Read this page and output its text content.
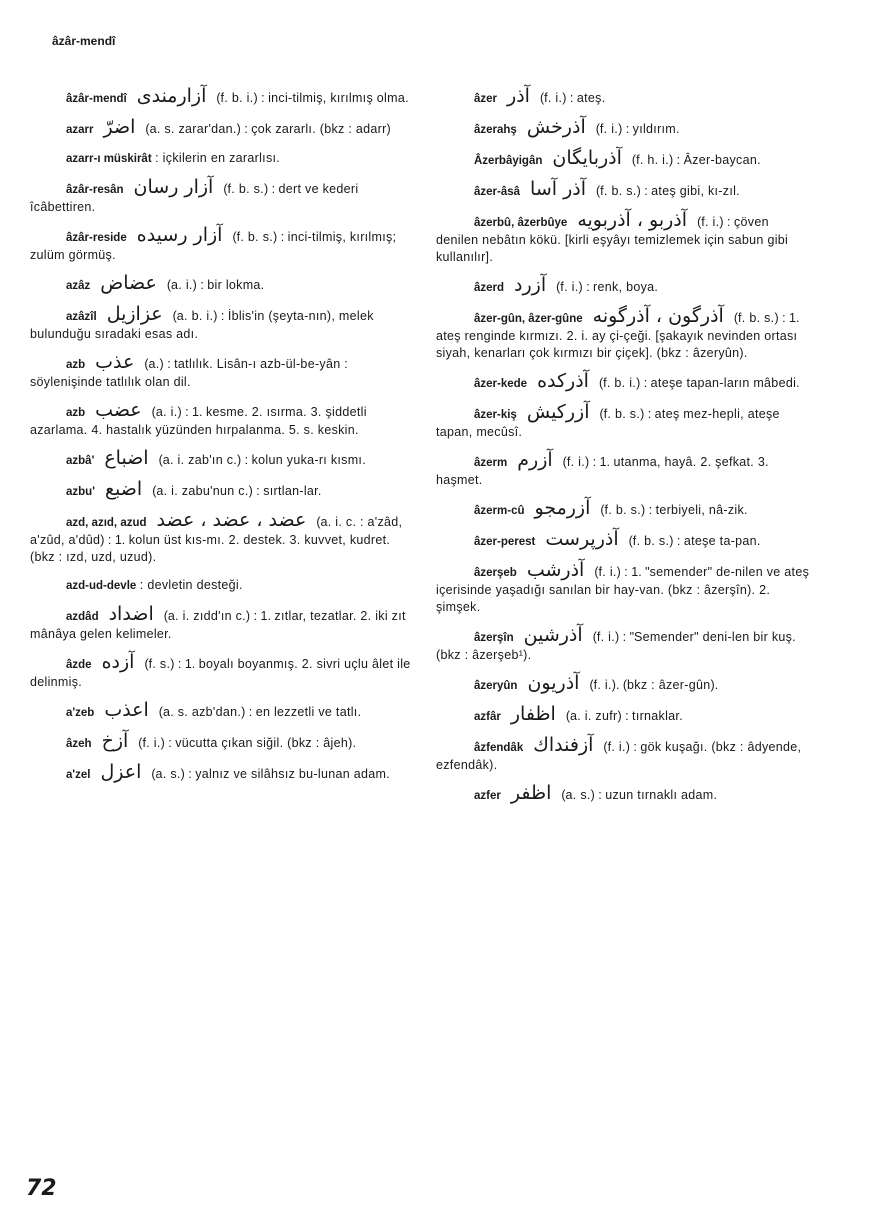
âzâr-mendî
âzâr-mendî آزارمندى (f. b. i.) : inci-tilmiş, kırılmış olma.
azarr اضرّ (a. s. zarar'dan.) : çok zararlı. (bkz : adarr)
azarr-ı müskirât : içkilerin en zararlısı.
âzâr-resân آزار رسان (f. b. s.) : dert ve kederi îcâbettiren.
âzâr-reside آزار رسيده (f. b. s.) : inci-tilmiş, kırılmış; zulüm görmüş.
azâz عضاض (a. i.) : bir lokma.
azâzîl عزازيل (a. b. i.) : İblis'in (şeyta-nın), melek bulunduğu sıradaki esas adı.
azb عذب (a.) : tatlılık. Lisân-ı azb-ül-be-yân : söylenişinde tatlılık olan dil.
azb عضب (a. i.) : 1. kesme. 2. ısırma. 3. şiddetli azarlama. 4. hastalık yüzünden hırpalanma. 5. s. keskin.
azbâ' اضباع (a. i. zab'ın c.) : kolun yuka-rı kısmı.
azbu' اضبع (a. i. zabu'nun c.) : sırtlan-lar.
azd, azıd, azud عضد ، عضد ، عضد (a. i. c. : a'zâd, a'zûd, a'dûd) : 1. kolun üst kıs-mı. 2. destek. 3. kuvvet, kudret. (bkz : ızd, uzd, uzud).
azd-ud-devle : devletin desteği.
azdâd اضداد (a. i. zıdd'ın c.) : 1. zıtlar, tezatlar. 2. iki zıt mânâya gelen kelimeler.
âzde آزده (f. s.) : 1. boyalı boyanmış. 2. sivri uçlu âlet ile delinmiş.
a'zeb اعذب (a. s. azb'dan.) : en lezzetli ve tatlı.
âzeh آزخ (f. i.) : vücutta çıkan siğil. (bkz : âjeh).
a'zel اعزل (a. s.) : yalnız ve silâhsız bu-lunan adam.
âzer آذر (f. i.) : ateş.
âzerahş آذرخش (f. i.) : yıldırım.
Âzerbâyigân آذربايگان (f. h. i.) : Âzer-baycan.
âzer-âsâ آذر آسا (f. b. s.) : ateş gibi, kı-zıl.
âzerbû, âzerbûye آذربو ، آذربويه (f. i.) : çöven denilen nebâtın kökü. [kirli eşyâyı temizlemek için sabun gibi kullanılır].
âzerd آزرد (f. i.) : renk, boya.
âzer-gûn, âzer-gûne آذرگون ، آذرگونه (f. b. s.) : 1. ateş renginde kırmızı. 2. i. ay çi-çeği. [şakayık nevinden ortası siyah, kenarları çok kırmızı bir çiçek]. (bkz : âzeryûn).
âzer-kede آذركده (f. b. i.) : ateşe tapan-ların mâbedi.
âzer-kiş آزركيش (f. b. s.) : ateş mez-hepli, ateşe tapan, mecûsî.
âzerm آزرم (f. i.) : 1. utanma, hayâ. 2. şefkat. 3. haşmet.
âzerm-cû آزرمجو (f. b. s.) : terbiyeli, nâ-zik.
âzer-perest آذرپرست (f. b. s.) : ateşe ta-pan.
âzerşeb آذرشب (f. i.) : 1. "semender" de-nilen ve ateş içerisinde yaşadığı sanılan bir hay-van. (bkz : âzerşîn). 2. şimşek.
âzerşîn آذرشين (f. i.) : "Semender" deni-len bir kuş. (bkz : âzerşeb¹).
âzeryûn آذريون (f. i.). (bkz : âzer-gûn).
azfâr اظفار (a. i. zufr) : tırnaklar.
âzfendâk آزفنداك (f. i.) : gök kuşağı. (bkz : âdyende, ezfendâk).
azfer اظفر (a. s.) : uzun tırnaklı adam.
72
